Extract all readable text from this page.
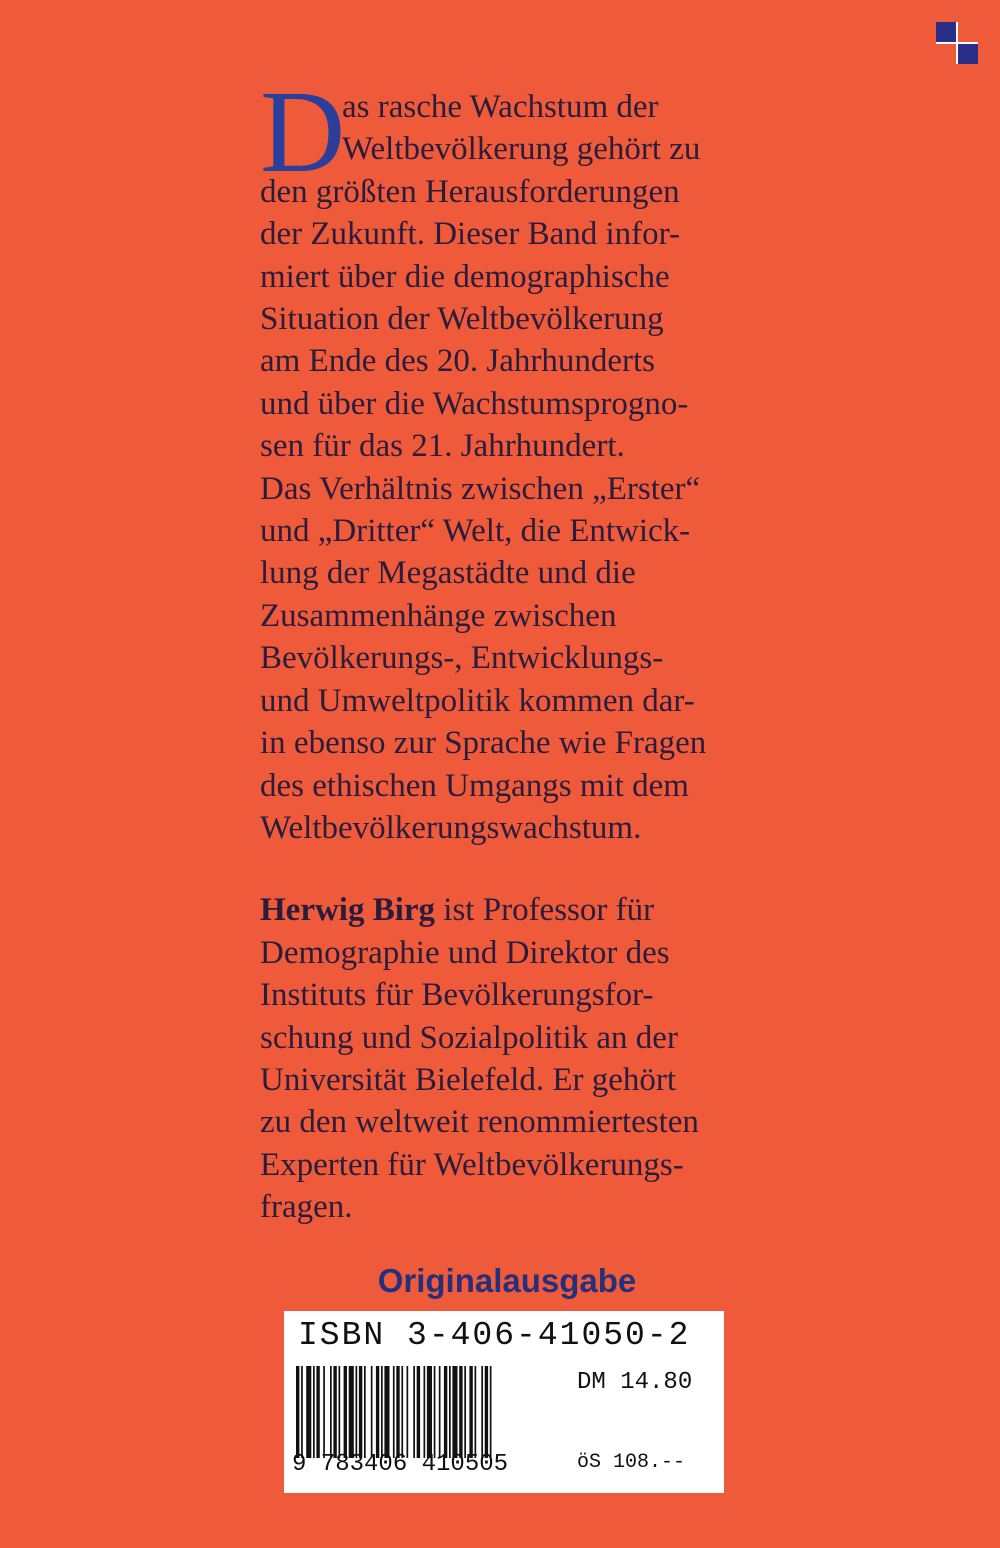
D
as rasche Wachstum der
Weltbevölkerung gehört zu
den größten Herausforderungen
der Zukunft. Dieser Band infor-
miert über die demographische
Situation der Weltbevölkerung
am Ende des 20. Jahrhunderts
und über die Wachstumsprogno-
sen für das 21. Jahrhundert.
Das Verhältnis zwischen „Erster“
und „Dritter“ Welt, die Entwick-
lung der Megastädte und die
Zusammenhänge zwischen
Bevölkerungs-, Entwicklungs-
und Umweltpolitik kommen dar-
in ebenso zur Sprache wie Fragen
des ethischen Umgangs mit dem
Weltbevölkerungswachstum.
Herwig Birg ist Professor für
Demographie und Direktor des
Instituts für Bevölkerungsfor-
schung und Sozialpolitik an der
Universität Bielefeld. Er gehört
zu den weltweit renommiertesten
Experten für Weltbevölkerungs-
fragen.
Originalausgabe
ISBN 3-406-41050-2
9 783406 410505
DM 14.80
öS 108.--
